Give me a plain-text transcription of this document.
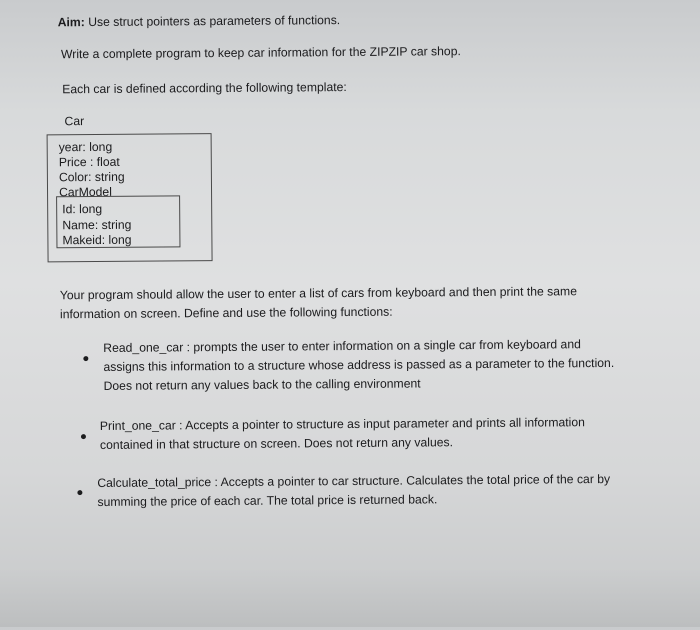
Aim: Use struct pointers as parameters of functions.
Write a complete program to keep car information for the ZIPZIP car shop.
Each car is defined according the following template:
Car
year: long
Price : float
Color: string
CarModel
Id: long
Name: string
Makeid: long
Your program should allow the user to enter a list of cars from keyboard and then print the same
information on screen. Define and use the following functions:
Read_one_car : prompts the user to enter information on a single car from keyboard and
assigns this information to a structure whose address is passed as a parameter to the function.
Does not return any values back to the calling environment
Print_one_car : Accepts a pointer to structure as input parameter and prints all information
contained in that structure on screen. Does not return any values.
Calculate_total_price : Accepts a pointer to car structure. Calculates the total price of the car by
summing the price of each car. The total price is returned back.
